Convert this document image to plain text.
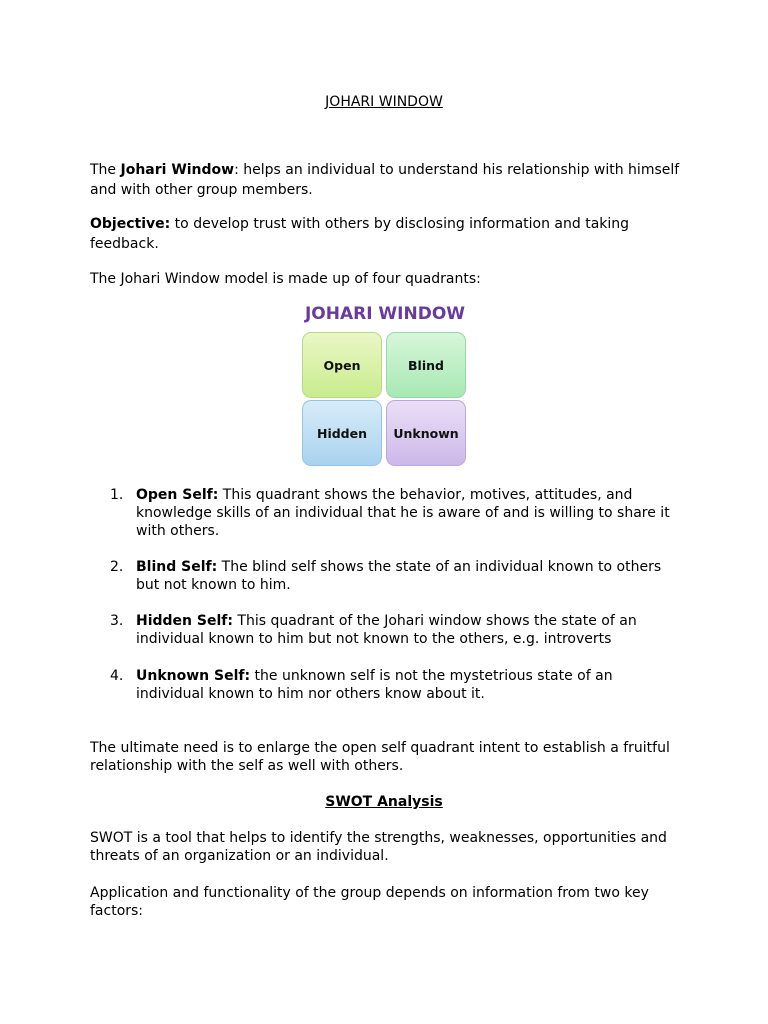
JOHARI WINDOW

The Johari Window: helps an individual to understand his relationship with himself and with other group members.

Objective: to develop trust with others by disclosing information and taking feedback.

The Johari Window model is made up of four quadrants:

JOHARI WINDOW
Open	Blind
Hidden	Unknown
1. Open Self: This quadrant shows the behavior, motives, attitudes, and knowledge skills of an individual that he is aware of and is willing to share it with others.
2. Blind Self: The blind self shows the state of an individual known to others but not known to him.
3. Hidden Self: This quadrant of the Johari window shows the state of an individual known to him but not known to the others, e.g. introverts
4. Unknown Self: the unknown self is not the mystetrious state of an individual known to him nor others know about it.

The ultimate need is to enlarge the open self quadrant intent to establish a fruitful relationship with the self as well with others.

SWOT Analysis

SWOT is a tool that helps to identify the strengths, weaknesses, opportunities and threats of an organization or an individual.

Application and functionality of the group depends on information from two key factors:
